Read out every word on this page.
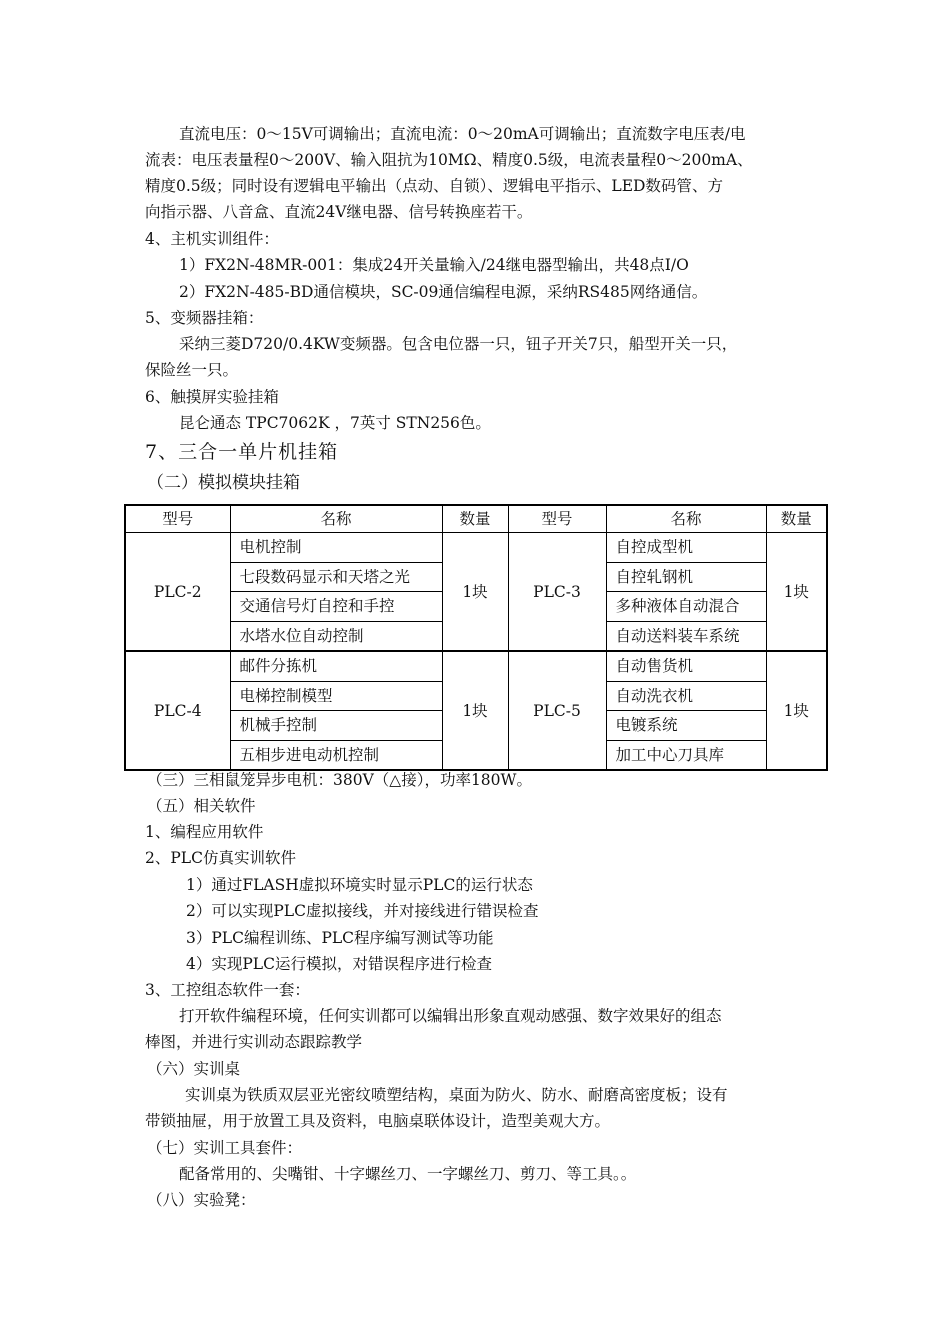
直流电压：0～15V可调输出；直流电流：0～20mA可调输出；直流数字电压表/电
流表：电压表量程0～200V、输入阻抗为10MΩ、精度0.5级，电流表量程0～200mA、
精度0.5级；同时设有逻辑电平输出（点动、自锁）、逻辑电平指示、LED数码管、方
向指示器、八音盒、直流24V继电器、信号转换座若干。
4、主机实训组件：
1）FX2N-48MR-001：集成24开关量输入/24继电器型输出，共48点I/O
2）FX2N-485-BD通信模块，SC-09通信编程电源，采纳RS485网络通信。
5、变频器挂箱：
采纳三菱D720/0.4KW变频器。包含电位器一只，钮子开关7只，船型开关一只，
保险丝一只。
6、触摸屏实验挂箱
昆仑通态 TPC7062K ，7英寸 STN256色。
7、三合一单片机挂箱
（二）模拟模块挂箱
型号	名称	数量	型号	名称	数量
PLC-2	电机控制	1块	PLC-3	自控成型机	1块
	七段数码显示和天塔之光			自控轧钢机	
	交通信号灯自控和手控			多种液体自动混合	
	水塔水位自动控制			自动送料装车系统	
PLC-4	邮件分拣机	1块	PLC-5	自动售货机	1块
	电梯控制模型			自动洗衣机	
	机械手控制			电镀系统	
	五相步进电动机控制			加工中心刀具库	
（三）三相鼠笼异步电机：380V（△接），功率180W。
（五）相关软件
1、编程应用软件
2、PLC仿真实训软件
1）通过FLASH虚拟环境实时显示PLC的运行状态
2）可以实现PLC虚拟接线，并对接线进行错误检查
3）PLC编程训练、PLC程序编写测试等功能
4）实现PLC运行模拟，对错误程序进行检查
3、工控组态软件一套：
打开软件编程环境，任何实训都可以编辑出形象直观动感强、数字效果好的组态
棒图，并进行实训动态跟踪教学
（六）实训桌
实训桌为铁质双层亚光密纹喷塑结构，桌面为防火、防水、耐磨高密度板；设有
带锁抽屉，用于放置工具及资料，电脑桌联体设计，造型美观大方。
（七）实训工具套件：
配备常用的、尖嘴钳、十字螺丝刀、一字螺丝刀、剪刀、等工具。。
（八）实验凳：
